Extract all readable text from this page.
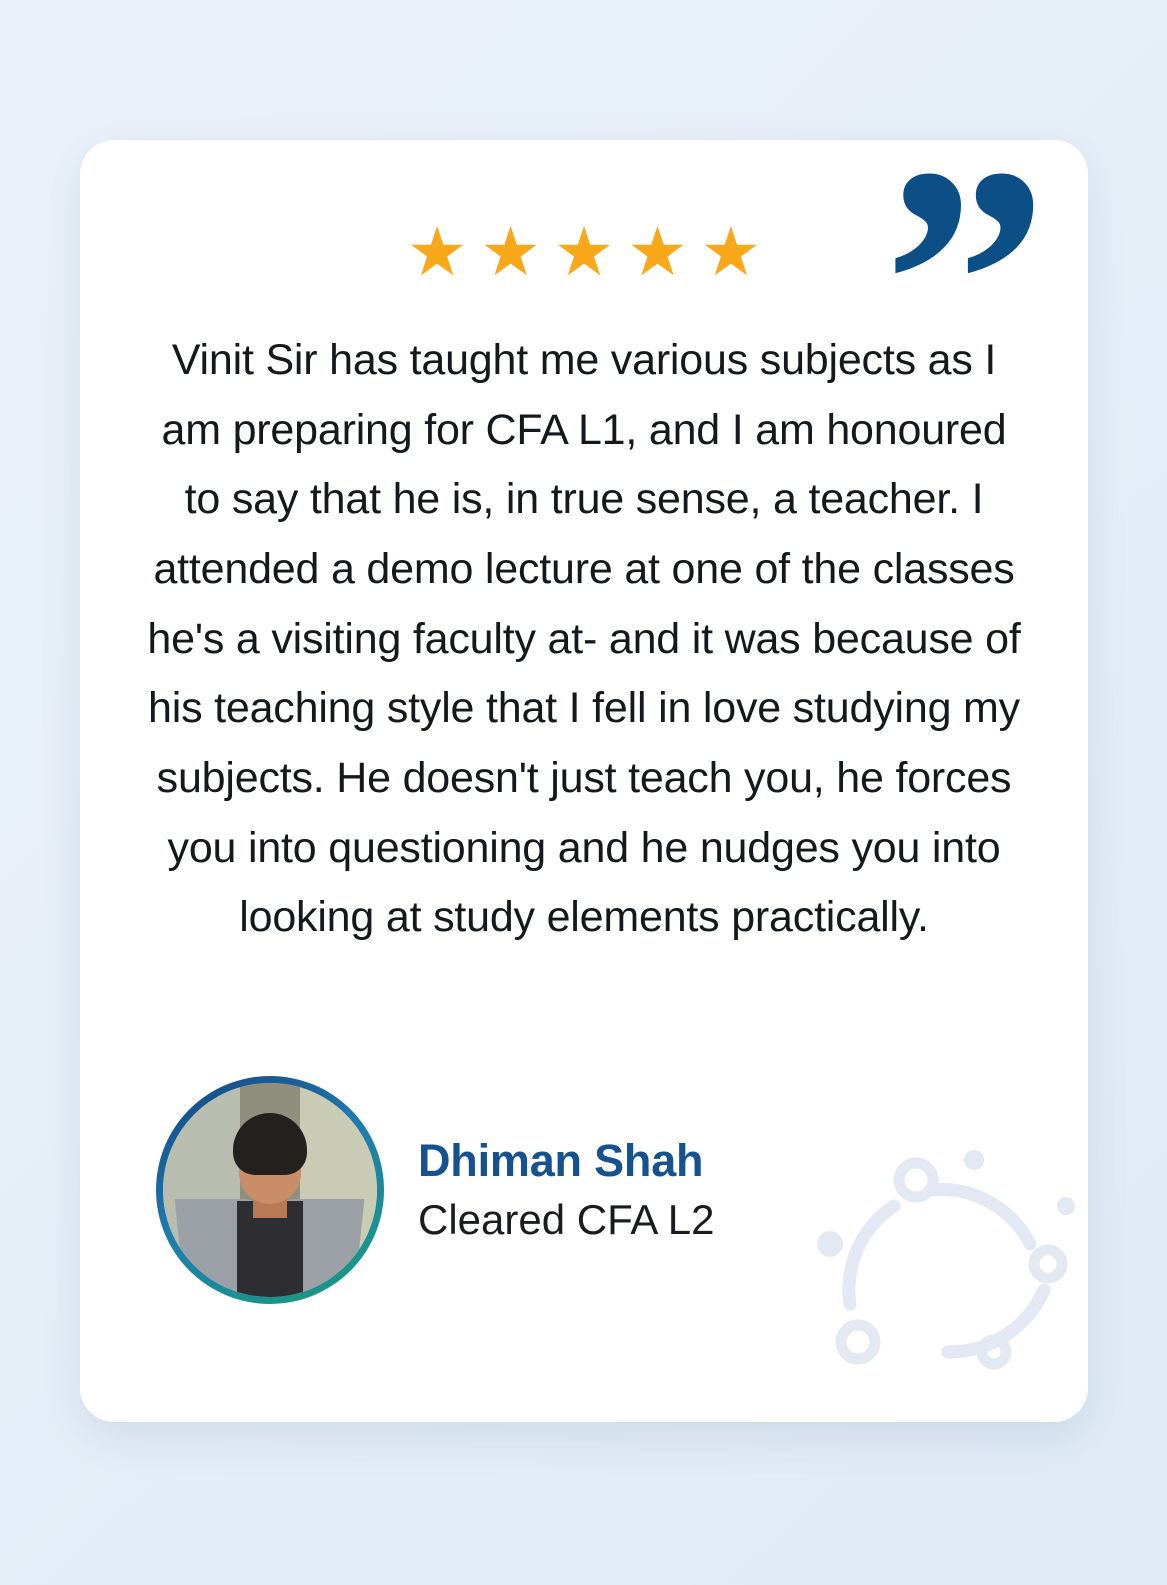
”
★ ★ ★ ★ ★
Vinit Sir has taught me various subjects as I am preparing for CFA L1, and I am honoured to say that he is, in true sense, a teacher. I attended a demo lecture at one of the classes he's a visiting faculty at- and it was because of his teaching style that I fell in love studying my subjects. He doesn't just teach you, he forces you into questioning and he nudges you into looking at study elements practically.
Dhiman Shah
Cleared CFA L2
